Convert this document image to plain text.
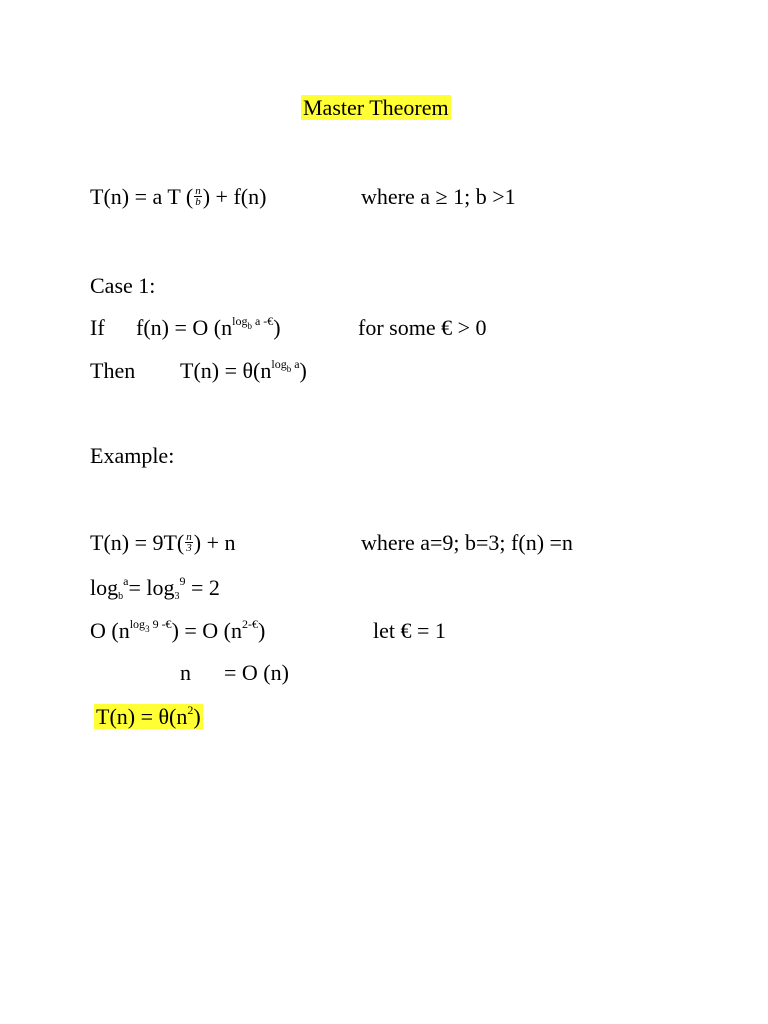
Master Theorem
T(n) = a T ( $\frac{n}{b}$ ) + f(n)	where a ≥ 1; b >1
Case 1:
If f(n) = O $(n^{log_b a -€})$	for some € > 0
Then $T(n) = \theta(n^{log_b a})$
Example:
$T(n) = 9T( \frac{n}{3}$ ) + n	where a=9; b=3; f(n) =n
$\log_b^a= \log_3^9 = 2$
O $(n^{log_3 9 -€}) = O$ $(n^{2-€})$	let € = 1
n = O (n)
$T(n) = \theta(n^2)$
